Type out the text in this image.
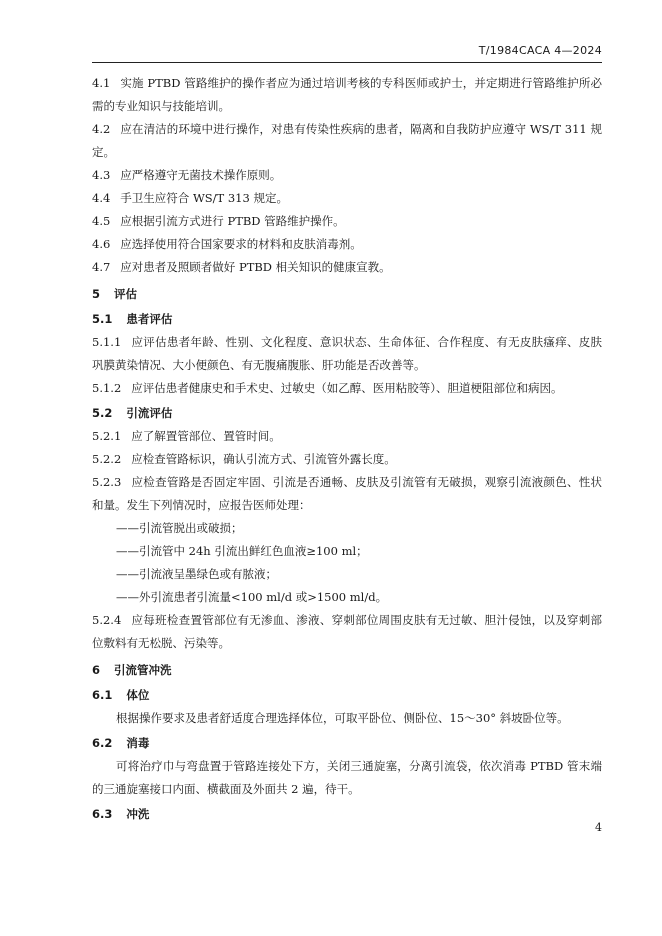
T/1984CACA 4—2024

4.1 实施 PTBD 管路维护的操作者应为通过培训考核的专科医师或护士，并定期进行管路维护所必需的专业知识与技能培训。

4.2 应在清洁的环境中进行操作，对患有传染性疾病的患者，隔离和自我防护应遵守 WS/T 311 规定。

4.3 应严格遵守无菌技术操作原则。

4.4 手卫生应符合 WS/T 313 规定。

4.5 应根据引流方式进行 PTBD 管路维护操作。

4.6 应选择使用符合国家要求的材料和皮肤消毒剂。

4.7 应对患者及照顾者做好 PTBD 相关知识的健康宣教。

5 评估
5.1 患者评估

5.1.1 应评估患者年龄、性别、文化程度、意识状态、生命体征、合作程度、有无皮肤瘙痒、皮肤巩膜黄染情况、大小便颜色、有无腹痛腹胀、肝功能是否改善等。

5.1.2 应评估患者健康史和手术史、过敏史（如乙醇、医用粘胶等）、胆道梗阻部位和病因。

5.2 引流评估

5.2.1 应了解置管部位、置管时间。

5.2.2 应检查管路标识，确认引流方式、引流管外露长度。

5.2.3 应检查管路是否固定牢固、引流是否通畅、皮肤及引流管有无破损，观察引流液颜色、性状和量。发生下列情况时，应报告医师处理：

——引流管脱出或破损；
——引流管中 24h 引流出鲜红色血液≥100 ml；
——引流液呈墨绿色或有脓液；
——外引流患者引流量<100 ml/d 或>1500 ml/d。

5.2.4 应每班检查置管部位有无渗血、渗液、穿刺部位周围皮肤有无过敏、胆汁侵蚀，以及穿刺部位敷料有无松脱、污染等。

6 引流管冲洗
6.1 体位

根据操作要求及患者舒适度合理选择体位，可取平卧位、侧卧位、15～30° 斜坡卧位等。

6.2 消毒

可将治疗巾与弯盘置于管路连接处下方，关闭三通旋塞，分离引流袋，依次消毒 PTBD 管末端的三通旋塞接口内面、横截面及外面共 2 遍，待干。

6.3 冲洗
4
